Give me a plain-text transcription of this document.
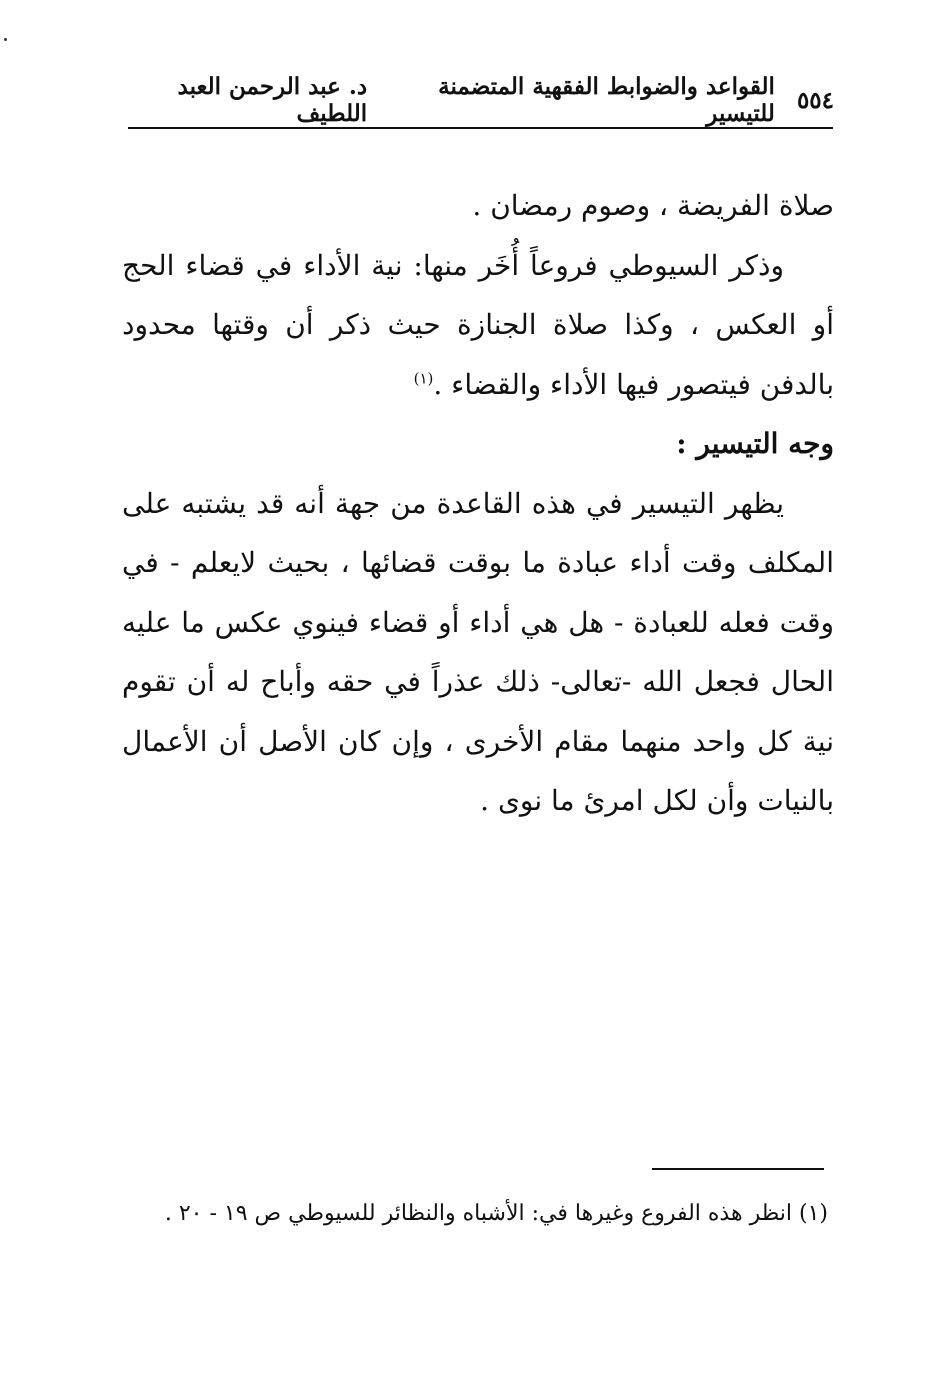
٥٥٤
القواعد والضوابط الفقهية المتضمنة للتيسير
د. عبد الرحمن العبد اللطيف

صلاة الفريضة ، وصوم رمضان .

وذكر السيوطي فروعاً أُخَر منها: نية الأداء في قضاء الحج أو العكس ، وكذا صلاة الجنازة حيث ذكر أن وقتها محدود بالدفن فيتصور فيها الأداء والقضاء .$^{(١)}$

وجه التيسير :

يظهر التيسير في هذه القاعدة من جهة أنه قد يشتبه على المكلف وقت أداء عبادة ما بوقت قضائها ، بحيث لايعلم - في وقت فعله للعبادة - هل هي أداء أو قضاء فينوي عكس ما عليه الحال فجعل الله -تعالى- ذلك عذراً في حقه وأباح له أن تقوم نية كل واحد منهما مقام الأخرى ، وإن كان الأصل أن الأعمال بالنيات وأن لكل امرئ ما نوى .

(١) انظر هذه الفروع وغيرها في: الأشباه والنظائر للسيوطي ص ١٩ - ٢٠ .
